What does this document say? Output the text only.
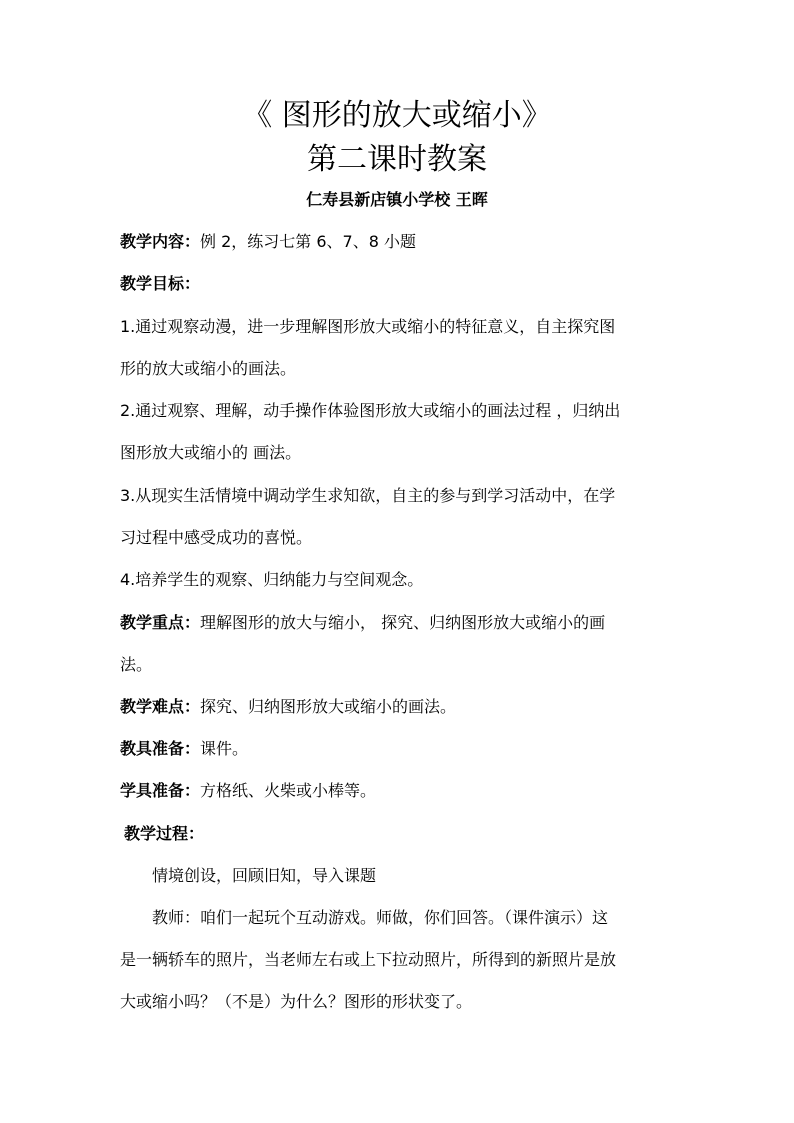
《 图形的放大或缩小》
第二课时教案
仁寿县新店镇小学校 王晖
教学内容：例 2，练习七第 6、7、8 小题
教学目标：
1.通过观察动漫，进一步理解图形放大或缩小的特征意义，自主探究图
形的放大或缩小的画法。
2.通过观察、理解，动手操作体验图形放大或缩小的画法过程 ，归纳出
图形放大或缩小的 画法。
3.从现实生活情境中调动学生求知欲，自主的参与到学习活动中，在学
习过程中感受成功的喜悦。
4.培养学生的观察、归纳能力与空间观念。
教学重点：理解图形的放大与缩小， 探究、归纳图形放大或缩小的画
法。
教学难点：探究、归纳图形放大或缩小的画法。
教具准备：课件。
学具准备：方格纸、火柴或小棒等。
教学过程：
情境创设，回顾旧知，导入课题
教师：咱们一起玩个互动游戏。师做，你们回答。（课件演示）这
是一辆轿车的照片，当老师左右或上下拉动照片，所得到的新照片是放
大或缩小吗？（不是）为什么？图形的形状变了。
